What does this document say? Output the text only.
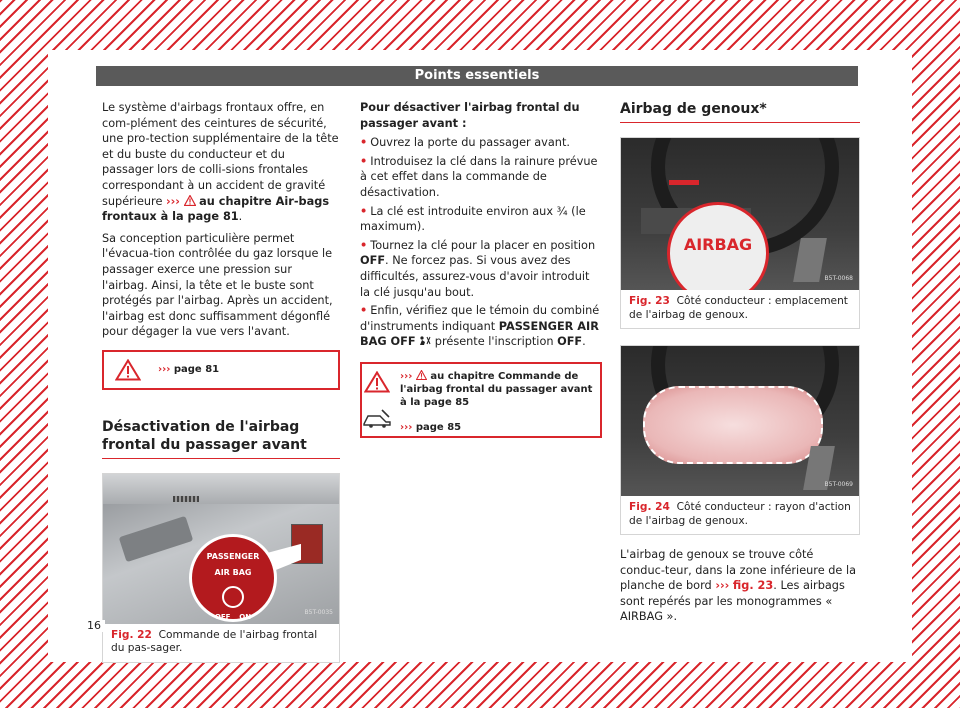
Points essentiels

Le système d'airbags frontaux offre, en com-plément des ceintures de sécurité, une pro-tection supplémentaire de la tête et du buste du conducteur et du passager lors de colli-sions frontales correspondant à un accident de gravité supérieure ››› au chapitre Air-bags frontaux à la page 81.

Sa conception particulière permet l'évacua-tion contrôlée du gaz lorsque le passager exerce une pression sur l'airbag. Ainsi, la tête et le buste sont protégés par l'airbag. Après un accident, l'airbag est donc suffisamment dégonflé pour dégager la vue vers l'avant.

››› page 81
Désactivation de l'airbag frontal du passager avant
PASSENGER
AIR BAG
OFF ON
B5T-0035
Fig. 22 Commande de l'airbag frontal du pas-sager.

Pour désactiver l'airbag frontal du passager avant :

• Ouvrez la porte du passager avant.

• Introduisez la clé dans la rainure prévue à cet effet dans la commande de désactivation.

• La clé est introduite environ aux ¾ (le maximum).

• Tournez la clé pour la placer en position OFF. Ne forcez pas. Si vous avez des difficultés, assurez-vous d'avoir introduit la clé jusqu'au bout.

• Enfin, vérifiez que le témoin du combiné d'instruments indiquant PASSENGER AIR BAG OFF présente l'inscription OFF.

››› au chapitre Commande de l'airbag frontal du passager avant à la page 85
››› page 85
Airbag de genoux*
AIRBAG
B5T-0068
Fig. 23 Côté conducteur : emplacement de l'airbag de genoux.
B5T-0069
Fig. 24 Côté conducteur : rayon d'action de l'airbag de genoux.

L'airbag de genoux se trouve côté conduc-teur, dans la zone inférieure de la planche de bord ››› fig. 23. Les airbags sont repérés par les monogrammes « AIRBAG ».

16
